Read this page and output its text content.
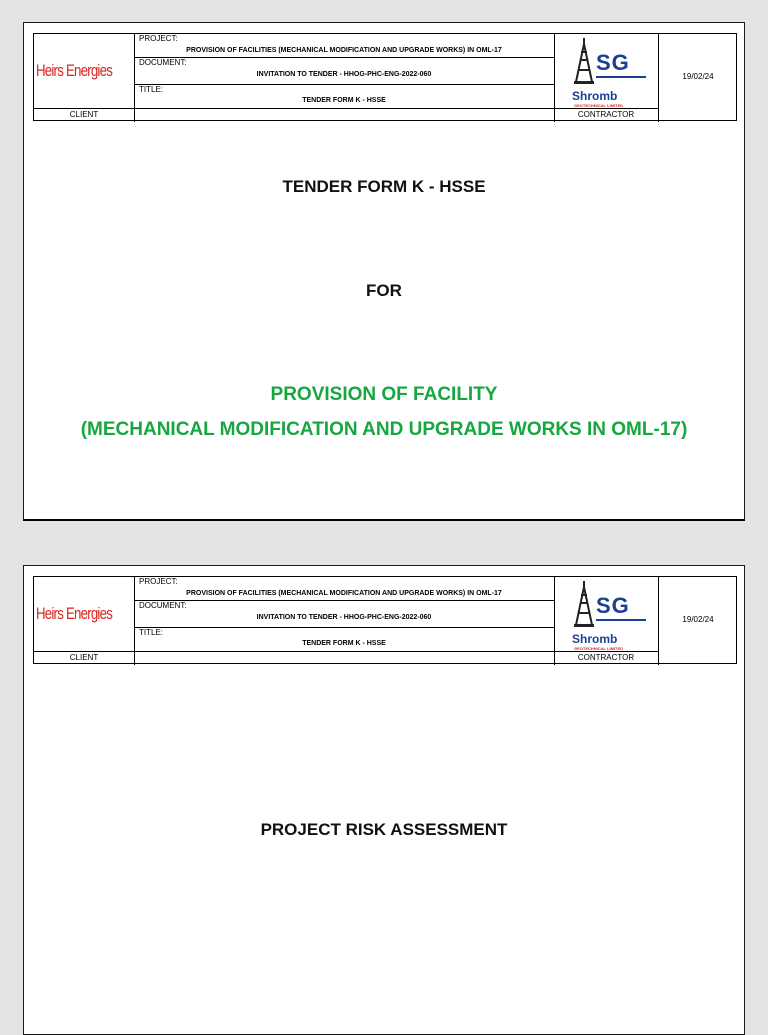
Heirs Energies
PROJECT:
PROVISION OF FACILITIES (MECHANICAL MODIFICATION AND UPGRADE WORKS) IN OML-17
DOCUMENT:
INVITATION TO TENDER - HHOG-PHC-ENG-2022-060
TITLE:
TENDER FORM K - HSSE
CLIENT
SG
Shromb
GEOTECHNICAL LIMITED
CONTRACTOR
19/02/24
TENDER FORM K - HSSE
FOR
PROVISION OF FACILITY
(MECHANICAL MODIFICATION AND UPGRADE WORKS IN OML-17)
Heirs Energies
PROJECT:
PROVISION OF FACILITIES (MECHANICAL MODIFICATION AND UPGRADE WORKS) IN OML-17
DOCUMENT:
INVITATION TO TENDER - HHOG-PHC-ENG-2022-060
TITLE:
TENDER FORM K - HSSE
CLIENT
SG
Shromb
GEOTECHNICAL LIMITED
CONTRACTOR
19/02/24
PROJECT RISK ASSESSMENT
